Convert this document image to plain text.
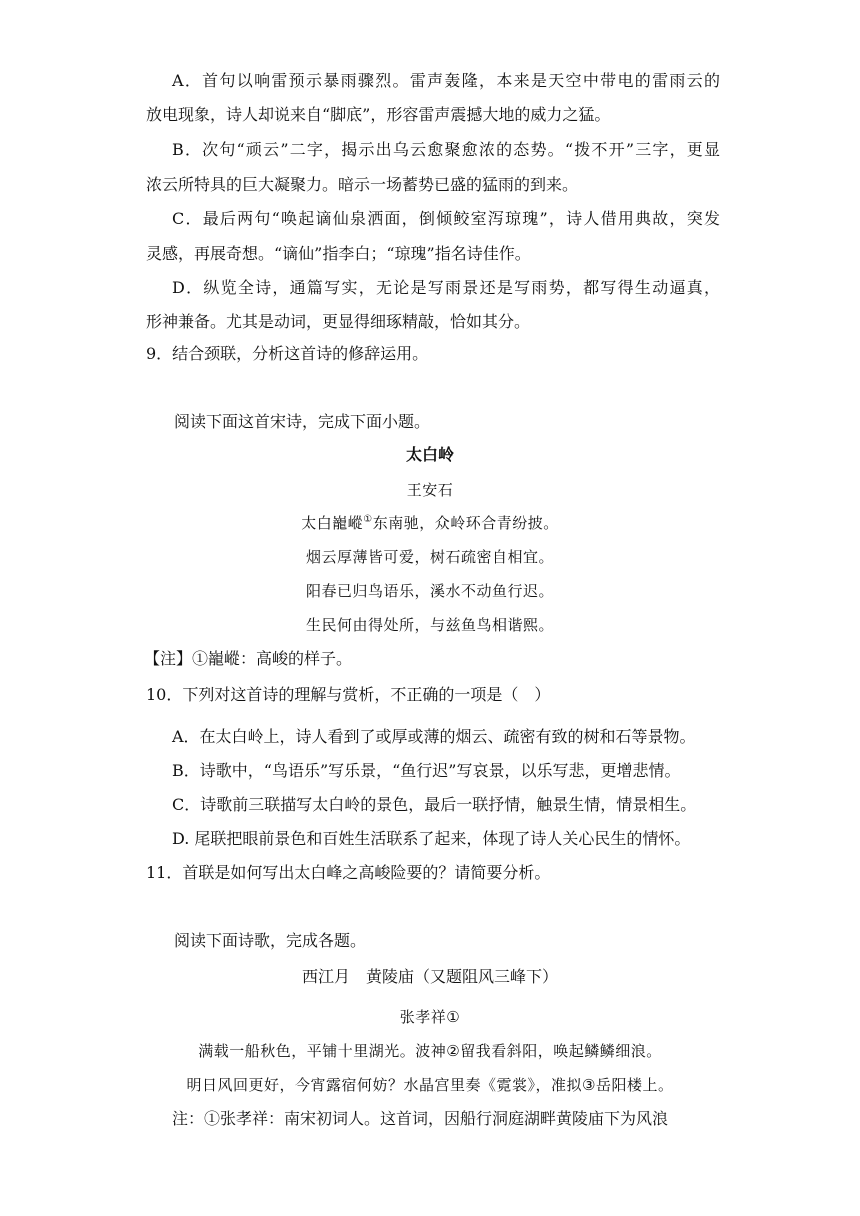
A．首句以响雷预示暴雨骤烈。雷声轰隆，本来是天空中带电的雷雨云的
放电现象，诗人却说来自“脚底”，形容雷声震撼大地的威力之猛。
B．次句“顽云”二字，揭示出乌云愈聚愈浓的态势。“拨不开”三字，更显
浓云所特具的巨大凝聚力。暗示一场蓄势已盛的猛雨的到来。
C．最后两句“唤起谪仙泉洒面，倒倾鲛室泻琼瑰”，诗人借用典故，突发
灵感，再展奇想。“谪仙”指李白；“琼瑰”指名诗佳作。
D．纵览全诗，通篇写实，无论是写雨景还是写雨势，都写得生动逼真，
形神兼备。尤其是动词，更显得细琢精敲，恰如其分。
9．结合颈联，分析这首诗的修辞运用。
阅读下面这首宋诗，完成下面小题。
太白岭
王安石
太白巃嵷①东南驰，众岭环合青纷披。
烟云厚薄皆可爱，树石疏密自相宜。
阳春已归鸟语乐，溪水不动鱼行迟。
生民何由得处所，与兹鱼鸟相谐熙。
【注】①巃嵷：高峻的样子。
10．下列对这首诗的理解与赏析，不正确的一项是（　）
A．在太白岭上，诗人看到了或厚或薄的烟云、疏密有致的树和石等景物。
B．诗歌中，“鸟语乐”写乐景，“鱼行迟”写哀景，以乐写悲，更增悲情。
C．诗歌前三联描写太白岭的景色，最后一联抒情，触景生情，情景相生。
D. 尾联把眼前景色和百姓生活联系了起来，体现了诗人关心民生的情怀。
11．首联是如何写出太白峰之高峻险要的？请简要分析。
阅读下面诗歌，完成各题。
西江月　黄陵庙（又题阻风三峰下）
张孝祥①
满载一船秋色，平铺十里湖光。波神②留我看斜阳，唤起鳞鳞细浪。
明日风回更好，今宵露宿何妨？水晶宫里奏《霓裳》，准拟③岳阳楼上。
注：①张孝祥：南宋初词人。这首词，因船行洞庭湖畔黄陵庙下为风浪
